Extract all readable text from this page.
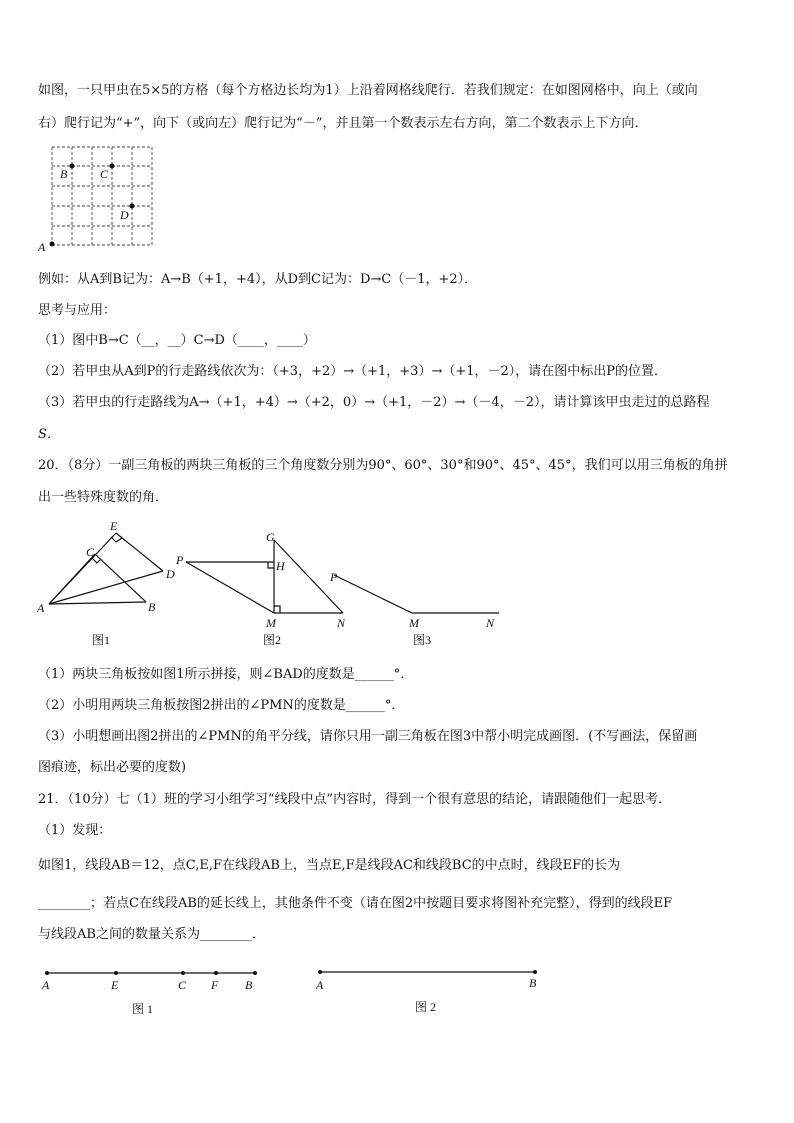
如图，一只甲虫在5×5的方格（每个方格边长均为1）上沿着网格线爬行．若我们规定：在如图网格中，向上（或向
右）爬行记为“+”，向下（或向左）爬行记为“－”，并且第一个数表示左右方向，第二个数表示上下方向．
A
B	C
D
例如：从A到B记为：A→B（+1，+4），从D到C记为：D→C（－1，+2）．
思考与应用：
（1）图中B→C（__，__）C→D（____，____）
（2）若甲虫从A到P的行走路线依次为：（+3，+2）→（+1，+3）→（+1，－2），请在图中标出P的位置．
（3）若甲虫的行走路线为A→（+1，+4）→（+2，0）→（+1，－2）→（－4，－2），请计算该甲虫走过的总路程
S．
20．（8分）一副三角板的两块三角板的三个角度数分别为90°、60°、30°和90°、45°、45°，我们可以用三角板的角拼
出一些特殊度数的角．
E
C
D
A	B
图1
G
P	H
M	N
图2
P
M	N
图3
（1）两块三角板按如图1所示拼接，则∠BAD的度数是______°．
（2）小明用两块三角板按图2拼出的∠PMN的度数是______°．
（3）小明想画出图2拼出的∠PMN的角平分线，请你只用一副三角板在图3中帮小明完成画图．(不写画法，保留画
图痕迹，标出必要的度数)
21．（10分）七（1）班的学习小组学习“线段中点”内容时，得到一个很有意思的结论，请跟随他们一起思考．
（1）发现：
如图1，线段AB＝12，点C,E,F在线段AB上，当点E,F是线段AC和线段BC的中点时，线段EF的长为
________；若点C在线段AB的延长线上，其他条件不变（请在图2中按题目要求将图补充完整），得到的线段EF
与线段AB之间的数量关系为________．
A	E	C F B
图 1
A	B
图 2
